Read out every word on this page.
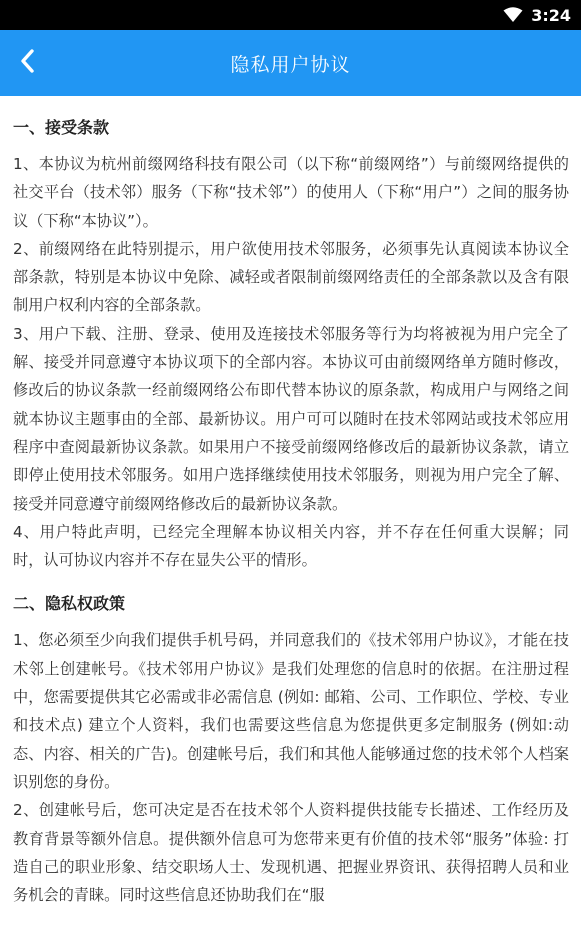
3:24
隐私用户协议
一、接受条款

1、本协议为杭州前缀网络科技有限公司（以下称“前缀网络”）与前缀网络提供的社交平台（技术邻）服务（下称“技术邻”）的使用人（下称“用户”）之间的服务协议（下称“本协议”）。

2、前缀网络在此特别提示，用户欲使用技术邻服务，必须事先认真阅读本协议全部条款，特别是本协议中免除、减轻或者限制前缀网络责任的全部条款以及含有限制用户权利内容的全部条款。

3、用户下载、注册、登录、使用及连接技术邻服务等行为均将被视为用户完全了解、接受并同意遵守本协议项下的全部内容。本协议可由前缀网络单方随时修改，修改后的协议条款一经前缀网络公布即代替本协议的原条款，构成用户与网络之间就本协议主题事由的全部、最新协议。用户可可以随时在技术邻网站或技术邻应用程序中查阅最新协议条款。如果用户不接受前缀网络修改后的最新协议条款，请立即停止使用技术邻服务。如用户选择继续使用技术邻服务，则视为用户完全了解、接受并同意遵守前缀网络修改后的最新协议条款。

4、用户特此声明，已经完全理解本协议相关内容，并不存在任何重大误解；同时，认可协议内容并不存在显失公平的情形。

二、隐私权政策

1、您必须至少向我们提供手机号码，并同意我们的《技术邻用户协议》，才能在技术邻上创建帐号。《技术邻用户协议》是我们处理您的信息时的依据。在注册过程中，您需要提供其它必需或非必需信息 (例如: 邮箱、公司、工作职位、学校、专业和技术点) 建立个人资料，我们也需要这些信息为您提供更多定制服务 (例如:动态、内容、相关的广告)。创建帐号后，我们和其他人能够通过您的技术邻个人档案识别您的身份。

2、创建帐号后，您可决定是否在技术邻个人资料提供技能专长描述、工作经历及教育背景等额外信息。提供额外信息可为您带来更有价值的技术邻“服务”体验: 打造自己的职业形象、结交职场人士、发现机遇、把握业界资讯、获得招聘人员和业务机会的青睐。同时这些信息还协助我们在“服
